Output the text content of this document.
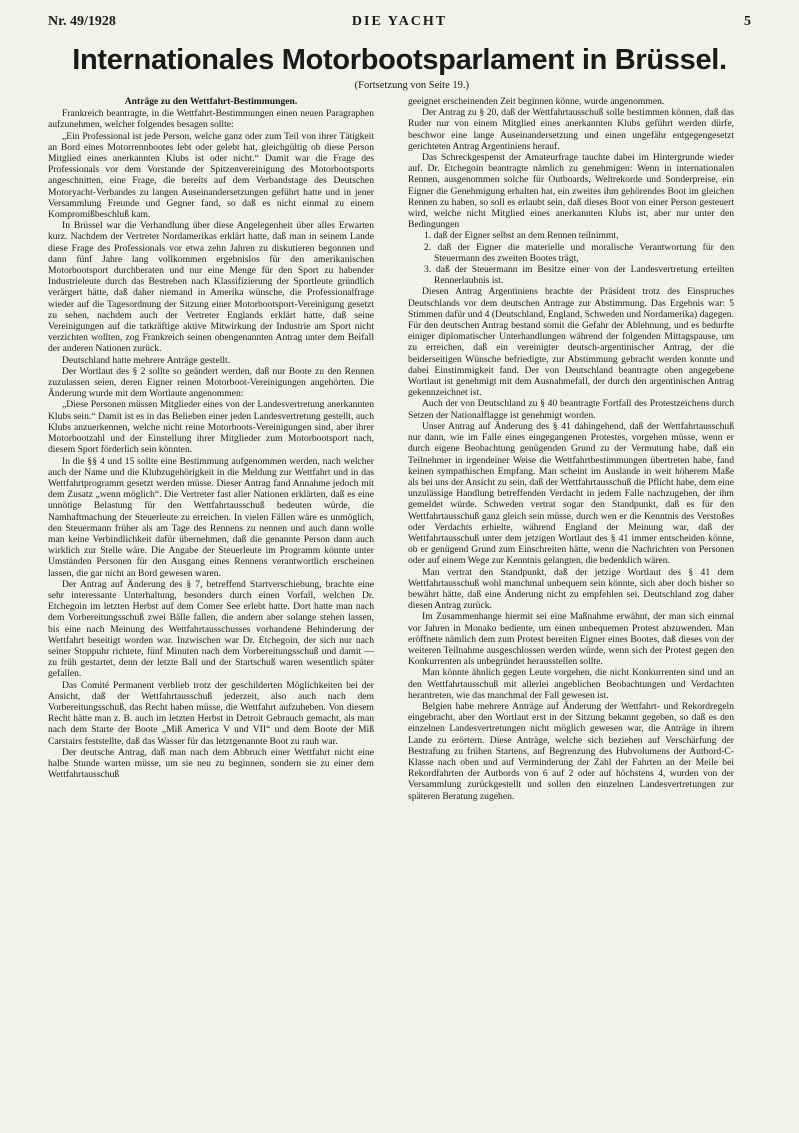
Nr. 49/1928	DIE YACHT	5
Internationales Motorbootsparlament in Brüssel.
(Fortsetzung von Seite 19.)

Anträge zu den Wettfahrt-Bestimmungen.

Frankreich beantragte, in die Wettfahrt-Bestimmungen einen neuen Paragraphen aufzunehmen, welcher folgendes besagen sollte:

„Ein Professional ist jede Person, welche ganz oder zum Teil von ihrer Tätigkeit an Bord eines Motorrennbootes lebt oder gelebt hat, gleichgültig ob diese Person Mitglied eines anerkannten Klubs ist oder nicht.“ Damit war die Frage des Professionals vor dem Vorstande der Spitzenvereinigung des Motorbootsports angeschnitten, eine Frage, die bereits auf dem Verbandstage des Deutschen Motoryacht-Verbandes zu langen Auseinandersetzungen geführt hatte und in jener Versammlung Freunde und Gegner fand, so daß es nicht einmal zu einem Kompromißbeschluß kam.

In Brüssel war die Verhandlung über diese Angelegenheit über alles Erwarten kurz. Nachdem der Vertreter Nordamerikas erklärt hatte, daß man in seinem Lande diese Frage des Professionals vor etwa zehn Jahren zu diskutieren begonnen und dann fünf Jahre lang vollkommen ergebnislos für den amerikanischen Motorbootsport durchberaten und nur eine Menge für den Sport zu habender Industrieleute durch das Bestreben nach Klassifizierung der Sportleute gründlich verärgert hätte, daß daher niemand in Amerika wünsche, die Professionalfrage wieder auf die Tagesordnung der Sitzung einer Motorbootsport-Vereinigung gesetzt zu sehen, nachdem auch der Vertreter Englands erklärt hatte, daß seine Vereinigungen auf die tatkräftige aktive Mitwirkung der Industrie am Sport nicht verzichten wollten, zog Frankreich seinen obengenannten Antrag unter dem Beifall der anderen Nationen zurück.

Deutschland hatte mehrere Anträge gestellt.

Der Wortlaut des § 2 sollte so geändert werden, daß nur Boote zu den Rennen zuzulassen seien, deren Eigner reinen Motorboot-Vereinigungen angehörten. Die Änderung wurde mit dem Wortlaute angenommen:

„Diese Personen müssen Mitglieder eines von der Landesvertretung anerkannten Klubs sein.“ Damit ist es in das Belieben einer jeden Landesvertretung gestellt, auch Klubs anzuerkennen, welche nicht reine Motorboots-Vereinigungen sind, aber ihrer Motorbootzahl und der Einstellung ihrer Mitglieder zum Motorbootsport nach, diesem Sport förderlich sein könnten.

In die §§ 4 und 15 sollte eine Bestimmung aufgenommen werden, nach welcher auch der Name und die Klubzugehörigkeit in die Meldung zur Wettfahrt und in das Wettfahrtprogramm gesetzt werden müsse. Dieser Antrag fand Annahme jedoch mit dem Zusatz „wenn möglich“. Die Vertreter fast aller Nationen erklärten, daß es eine unnötige Belastung für den Wettfahrtausschuß bedeuten würde, die Namhaftmachung der Steuerleute zu erreichen. In vielen Fällen wäre es unmöglich, den Steuermann früher als am Tage des Rennens zu nennen und auch dann wolle man keine Verbindlichkeit dafür übernehmen, daß die genannte Person dann auch wirklich zur Stelle wäre. Die Angabe der Steuerleute im Programm könnte unter Umständen Personen für den Ausgang eines Rennens verantwortlich erscheinen lassen, die gar nicht an Bord gewesen waren.

Der Antrag auf Änderung des § 7, betreffend Startverschiebung, brachte eine sehr interessante Unterhaltung, besonders durch einen Vorfall, welchen Dr. Etchegoin im letzten Herbst auf dem Comer See erlebt hatte. Dort hatte man nach dem Vorbereitungsschuß zwei Bälle fallen, die andern aber solange stehen lassen, bis eine nach Meinung des Wettfahrtausschusses vorhandene Behinderung der Wettfahrt beseitigt worden war. Inzwischen war Dr. Etchegoin, der sich nur nach seiner Stoppuhr richtete, fünf Minuten nach dem Vorbereitungsschuß und damit — zu früh gestartet, denn der letzte Ball und der Startschuß waren wesentlich später gefallen.

Das Comité Permanent verblieb trotz der geschilderten Möglichkeiten bei der Ansicht, daß der Wettfahrtausschuß jederzeit, also auch nach dem Vorbereitungsschuß, das Recht haben müsse, die Wettfahrt aufzuheben. Von diesem Recht hätte man z. B. auch im letzten Herbst in Detroit Gebrauch gemacht, als man nach dem Starte der Boote „Miß America V und VII“ und dem Boote der Miß Carstairs feststellte, daß das Wasser für das letztgenannte Boot zu rauh war.

Der deutsche Antrag, daß man nach dem Abbruch einer Wettfahrt nicht eine halbe Stunde warten müsse, um sie neu zu beginnen, sondern sie zu einer dem Wettfahrtausschuß

geeignet erscheinenden Zeit beginnen könne, wurde angenommen.

Der Antrag zu § 20, daß der Wettfahrtausschuß solle bestimmen können, daß das Ruder nur von einem Mitglied eines anerkannten Klubs geführt werden dürfe, beschwor eine lange Auseinandersetzung und einen ungefähr entgegengesetzt gerichteten Antrag Argentiniens herauf.

Das Schreckgespenst der Amateurfrage tauchte dabei im Hintergrunde wieder auf. Dr. Etchegoin beantragte nämlich zu genehmigen: Wenn in internationalen Rennen, ausgenommen solche für Outboards, Weltrekorde und Sonderpreise, ein Eigner die Genehmigung erhalten hat, ein zweites ihm gehörendes Boot im gleichen Rennen zu haben, so soll es erlaubt sein, daß dieses Boot von einer Person gesteuert wird, welche nicht Mitglied eines anerkannten Klubs ist, aber nur unter den Bedingungen

1. daß der Eigner selbst an dem Rennen teilnimmt,
2. daß der Eigner die materielle und moralische Verantwortung für den Steuermann des zweiten Bootes trägt,
3. daß der Steuermann im Besitze einer von der Landesvertretung erteilten Rennerlaubnis ist.

Diesen Antrag Argentiniens brachte der Präsident trotz des Einspruches Deutschlands vor dem deutschen Antrage zur Abstimmung. Das Ergebnis war: 5 Stimmen dafür und 4 (Deutschland, England, Schweden und Nordamerika) dagegen. Für den deutschen Antrag bestand somit die Gefahr der Ablehnung, und es bedurfte einiger diplomatischer Unterhandlungen während der folgenden Mittagspause, um zu erreichen, daß ein vereinigter deutsch-argentinischer Antrag, der die beiderseitigen Wünsche befriedigte, zur Abstimmung gebracht werden konnte und dabei Einstimmigkeit fand. Der von Deutschland beantragte oben angegebene Wortlaut ist genehmigt mit dem Ausnahmefall, der durch den argentinischen Antrag gekennzeichnet ist.

Auch der von Deutschland zu § 40 beantragte Fortfall des Protestzeichens durch Setzen der Nationalflagge ist genehmigt worden.

Unser Antrag auf Änderung des § 41 dahingehend, daß der Wettfahrtausschuß nur dann, wie im Falle eines eingegangenen Protestes, vorgehen müsse, wenn er durch eigene Beobachtung genügenden Grund zu der Vermutung habe, daß ein Teilnehmer in irgendeiner Weise die Wettfahrtbestimmungen übertreten habe, fand keinen sympathischen Empfang. Man scheint im Auslande in weit höherem Maße als bei uns der Ansicht zu sein, daß der Wettfahrtausschuß die Pflicht habe, dem eine unzulässige Handlung betreffenden Verdacht in jedem Falle nachzugehen, der ihm gemeldet würde. Schweden vertrat sogar den Standpunkt, daß es für den Wettfahrtausschuß ganz gleich sein müsse, durch wen er die Kenntnis des Verstoßes oder Verdachts erhielte, während England der Meinung war, daß der Wettfahrtausschuß unter dem jetzigen Wortlaut des § 41 immer entscheiden könne, ob er genügend Grund zum Einschreiten hätte, wenn die Nachrichten von Personen oder auf einem Wege zur Kenntnis gelangten, die bedenklich wären.

Man vertrat den Standpunkt, daß der jetzige Wortlaut des § 41 dem Wettfahrtausschuß wohl manchmal unbequem sein könnte, sich aber doch bisher so bewährt hätte, daß eine Änderung nicht zu empfehlen sei. Deutschland zog daher diesen Antrag zurück.

Im Zusammenhange hiermit sei eine Maßnahme erwähnt, der man sich einmal vor Jahren in Monako bediente, um einen unbequemen Protest abzuwenden. Man eröffnete nämlich dem zum Protest bereiten Eigner eines Bootes, daß dieses von der weiteren Teilnahme ausgeschlossen werden würde, wenn sich der Protest gegen den Konkurrenten als unbegründet herausstellen sollte.

Man könnte ähnlich gegen Leute vorgehen, die nicht Konkurrenten sind und an den Wettfahrtausschuß mit allerlei angeblichen Beobachtungen und Verdachten herantreten, wie das manchmal der Fall gewesen ist.

Belgien habe mehrere Anträge auf Änderung der Wettfahrt- und Rekordregeln eingebracht, aber den Wortlaut erst in der Sitzung bekannt gegeben, so daß es den einzelnen Landesvertretungen nicht möglich gewesen war, die Anträge in ihrem Lande zu erörtern. Diese Anträge, welche sich beziehen auf Verschärfung der Bestrafung zu frühen Startens, auf Begrenzung des Hubvolumens der Autbord-C-Klasse nach oben und auf Verminderung der Zahl der Fahrten an der Meile bei Rekordfahrten der Autbords von 6 auf 2 oder auf höchstens 4, wurden von der Versammlung zurückgestellt und sollen den einzelnen Landesvertretungen zur späteren Beratung zugehen.
